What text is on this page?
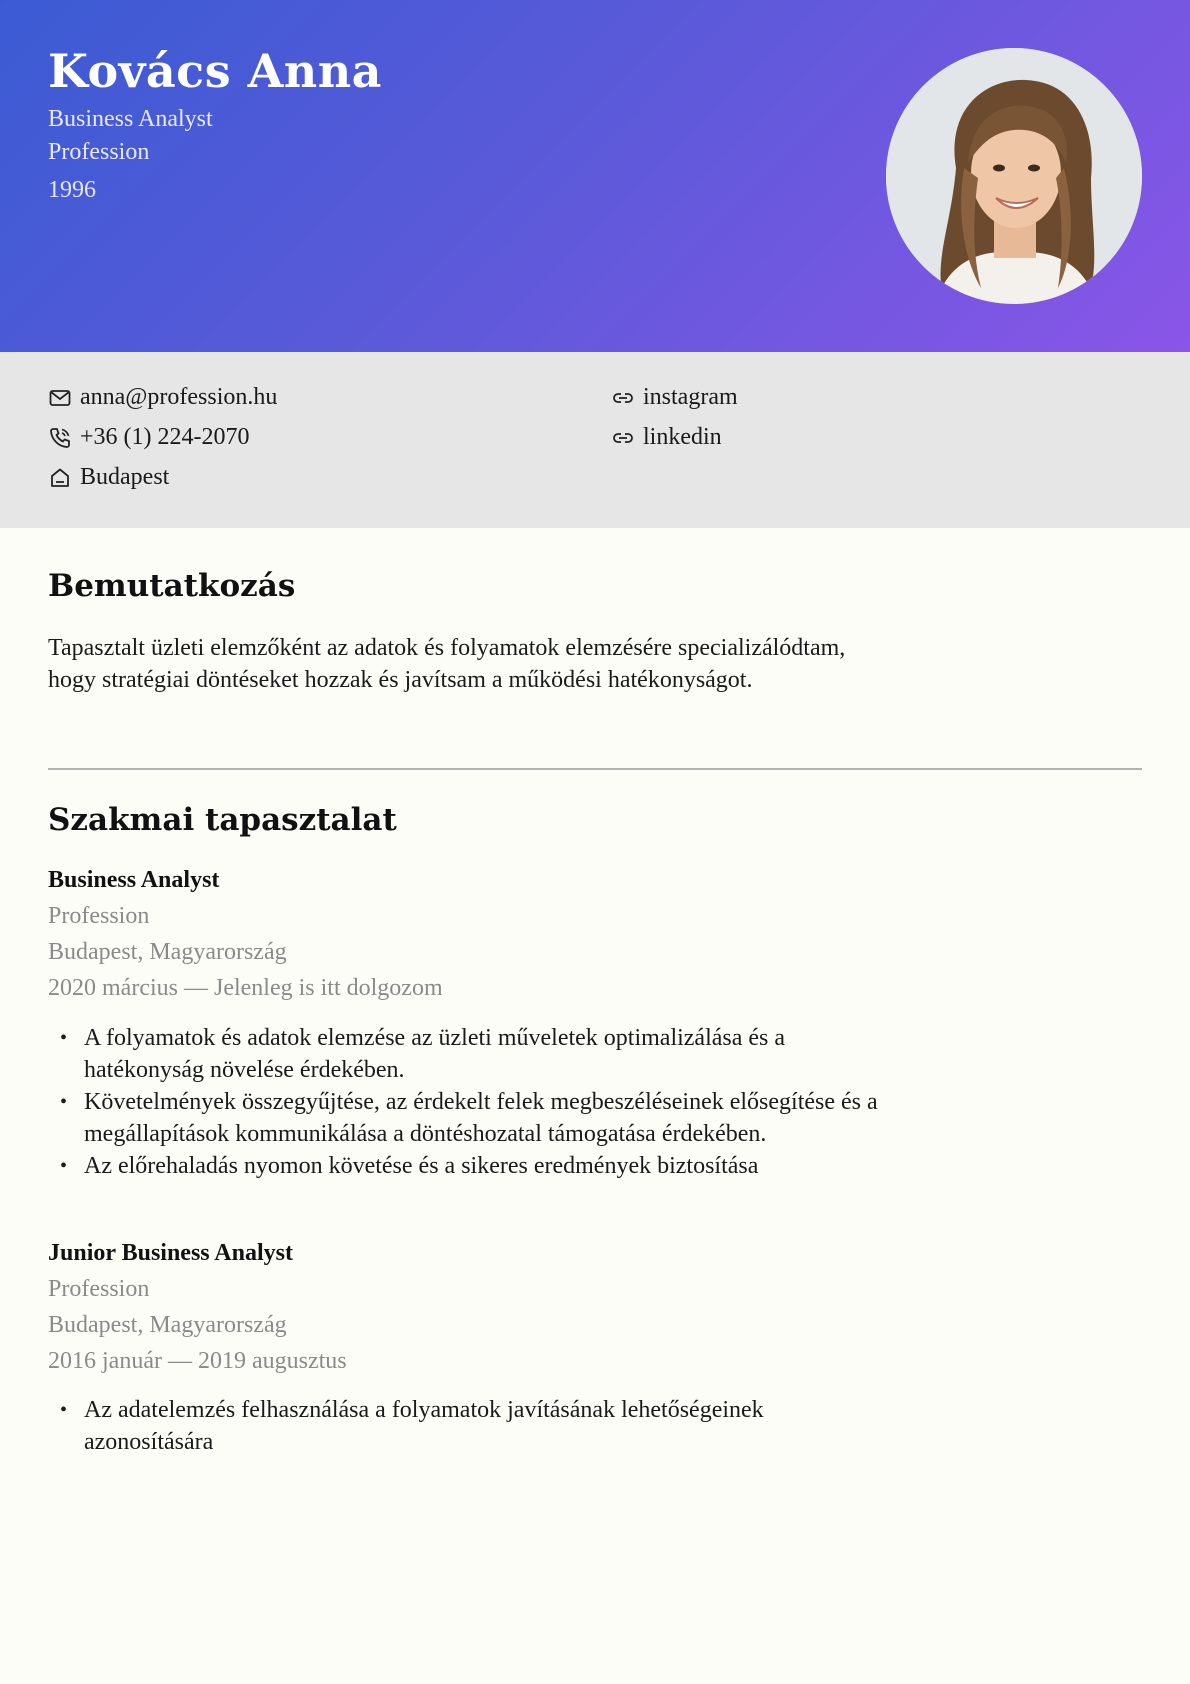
Kovács Anna
Business Analyst
Profession
1996
anna@profession.hu
+36 (1) 224-2070
Budapest
instagram
linkedin
Bemutatkozás
Tapasztalt üzleti elemzőként az adatok és folyamatok elemzésére specializálódtam, hogy stratégiai döntéseket hozzak és javítsam a működési hatékonyságot.
Szakmai tapasztalat
Business Analyst
Profession
Budapest, Magyarország
2020 március — Jelenleg is itt dolgozom
• A folyamatok és adatok elemzése az üzleti műveletek optimalizálása és a hatékonyság növelése érdekében.
• Követelmények összegyűjtése, az érdekelt felek megbeszéléseinek elősegítése és a megállapítások kommunikálása a döntéshozatal támogatása érdekében.
• Az előrehaladás nyomon követése és a sikeres eredmények biztosítása
Junior Business Analyst
Profession
Budapest, Magyarország
2016 január — 2019 augusztus
• Az adatelemzés felhasználása a folyamatok javításának lehetőségeinek azonosítására
